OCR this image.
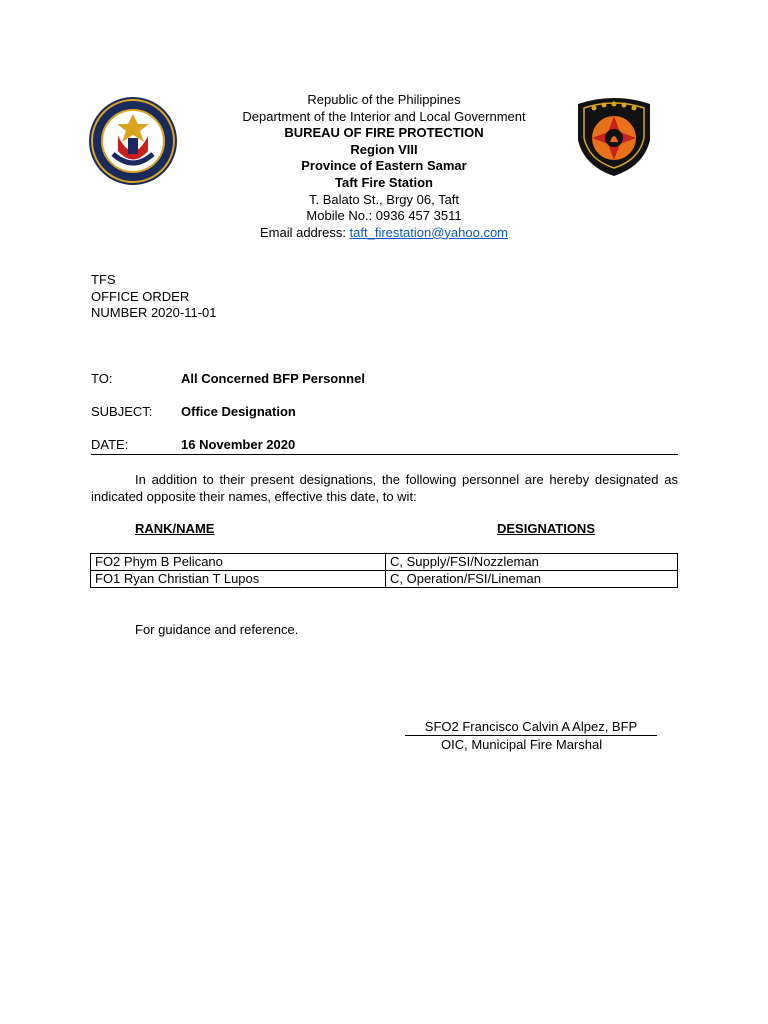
Republic of the Philippines
Department of the Interior and Local Government
BUREAU OF FIRE PROTECTION
Region VIII
Province of Eastern Samar
Taft Fire Station
T. Balato St., Brgy 06, Taft
Mobile No.: 0936 457 3511
Email address: taft_firestation@yahoo.com
TFS
OFFICE ORDER
NUMBER 2020-11-01
TO:	All Concerned BFP Personnel
SUBJECT:	Office Designation
DATE:	16 November 2020
In addition to their present designations, the following personnel are hereby designated as indicated opposite their names, effective this date, to wit:
RANK/NAME	DESIGNATIONS
FO2 Phym B Pelicano	C, Supply/FSI/Nozzleman
FO1 Ryan Christian T Lupos	C, Operation/FSI/Lineman
For guidance and reference.
SFO2 Francisco Calvin A Alpez, BFP
OIC, Municipal Fire Marshal
